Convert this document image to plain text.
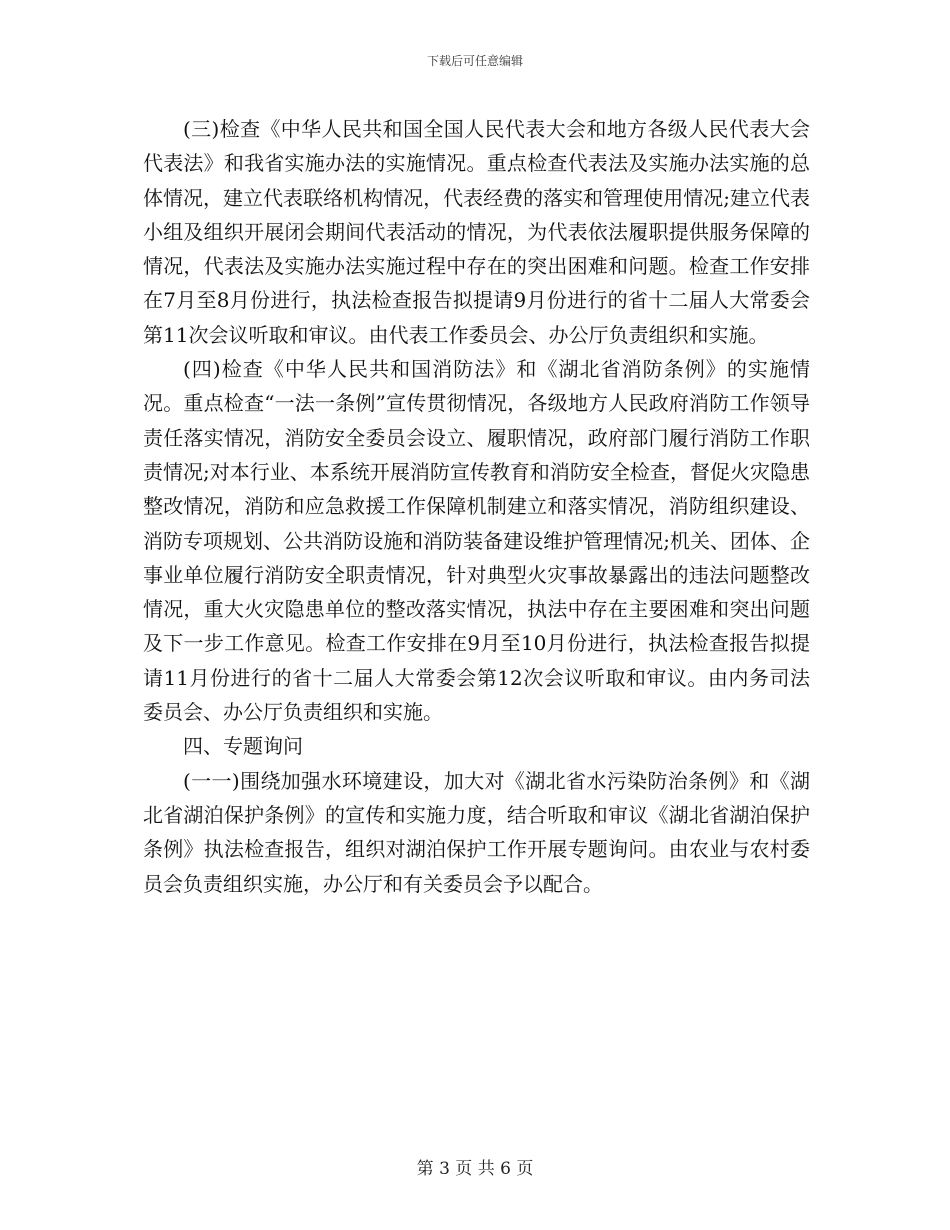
下载后可任意编辑

(三)检查《中华人民共和国全国人民代表大会和地方各级人民代表大会代表法》和我省实施办法的实施情况。重点检查代表法及实施办法实施的总体情况，建立代表联络机构情况，代表经费的落实和管理使用情况;建立代表小组及组织开展闭会期间代表活动的情况，为代表依法履职提供服务保障的情况，代表法及实施办法实施过程中存在的突出困难和问题。检查工作安排在7月至8月份进行，执法检查报告拟提请9月份进行的省十二届人大常委会第11次会议听取和审议。由代表工作委员会、办公厅负责组织和实施。

(四)检查《中华人民共和国消防法》和《湖北省消防条例》的实施情况。重点检查“一法一条例”宣传贯彻情况，各级地方人民政府消防工作领导责任落实情况，消防安全委员会设立、履职情况，政府部门履行消防工作职责情况;对本行业、本系统开展消防宣传教育和消防安全检查，督促火灾隐患整改情况，消防和应急救援工作保障机制建立和落实情况，消防组织建设、消防专项规划、公共消防设施和消防装备建设维护管理情况;机关、团体、企事业单位履行消防安全职责情况，针对典型火灾事故暴露出的违法问题整改情况，重大火灾隐患单位的整改落实情况，执法中存在主要困难和突出问题及下一步工作意见。检查工作安排在9月至10月份进行，执法检查报告拟提请11月份进行的省十二届人大常委会第12次会议听取和审议。由内务司法委员会、办公厅负责组织和实施。

四、专题询问

(一一)围绕加强水环境建设，加大对《湖北省水污染防治条例》和《湖北省湖泊保护条例》的宣传和实施力度，结合听取和审议《湖北省湖泊保护条例》执法检查报告，组织对湖泊保护工作开展专题询问。由农业与农村委员会负责组织实施，办公厅和有关委员会予以配合。

第 3 页 共 6 页
